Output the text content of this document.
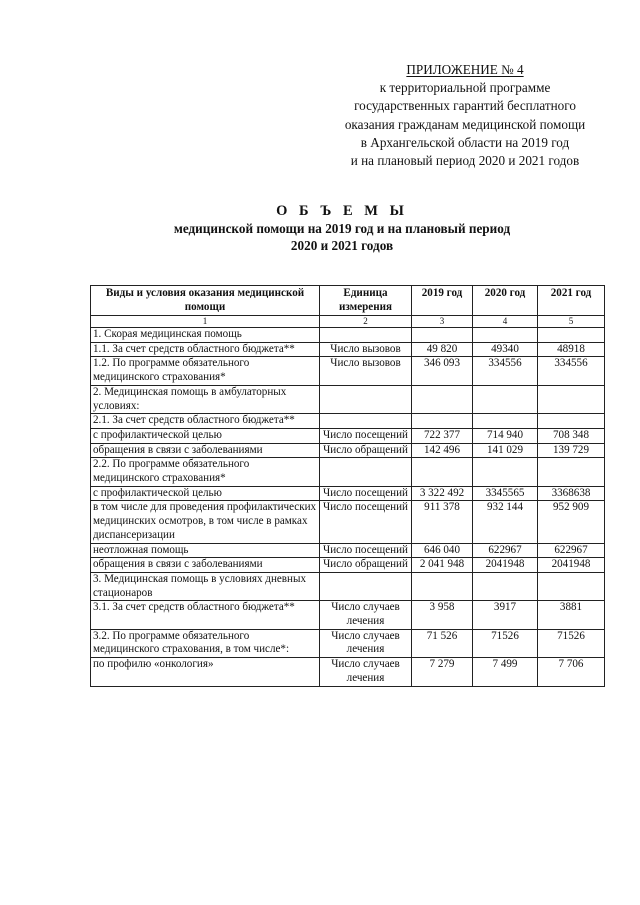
ПРИЛОЖЕНИЕ № 4
к территориальной программе
государственных гарантий бесплатного
оказания гражданам медицинской помощи
в Архангельской области на 2019 год
и на плановый период 2020 и 2021 годов
О Б Ъ Е М Ы
медицинской помощи на 2019 год и на плановый период
2020 и 2021 годов
Виды и условия оказания медицинской помощи	Единица измерения	2019 год	2020 год	2021 год
1	2	3	4	5
1. Скорая медицинская помощь				
1.1. За счет средств областного бюджета**	Число вызовов	49 820	49340	48918
1.2. По программе обязательного медицинского страхования*	Число вызовов	346 093	334556	334556
2. Медицинская помощь в амбулаторных условиях:				
2.1. За счет средств областного бюджета**				
с профилактической целью	Число посещений	722 377	714 940	708 348
обращения в связи с заболеваниями	Число обращений	142 496	141 029	139 729
2.2. По программе обязательного медицинского страхования*				
с профилактической целью	Число посещений	3 322 492	3345565	3368638
в том числе для проведения профилактических медицинских осмотров, в том числе в рамках диспансеризации	Число посещений	911 378	932 144	952 909
неотложная помощь	Число посещений	646 040	622967	622967
обращения в связи с заболеваниями	Число обращений	2 041 948	2041948	2041948
3. Медицинская помощь в условиях дневных стационаров				
3.1. За счет средств областного бюджета**	Число случаев лечения	3 958	3917	3881
3.2. По программе обязательного медицинского страхования, в том числе*:	Число случаев лечения	71 526	71526	71526
по профилю «онкология»	Число случаев лечения	7 279	7 499	7 706
